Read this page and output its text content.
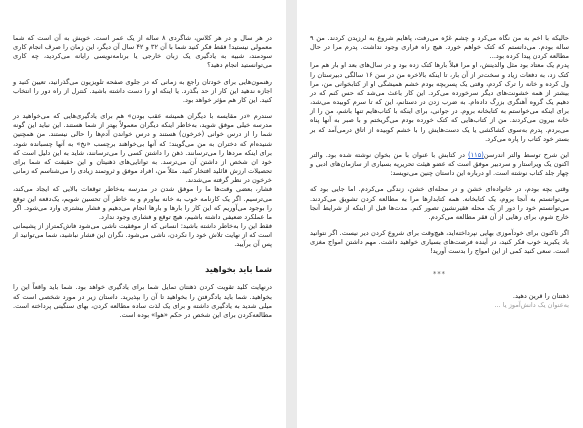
در هر سال و در هر کلاس، شاگردی ۸ ساله از یک عمر است. خویش به آن است که شما معمولی نیستید! فقط فکر کنید شما با آن ۳۲ و ۴۲ سال آن دیگر، این زمان را صرف انجام کاری سودمند، شبیه به یادگیری یک زبان خارجی یا برنامه‌نویسی رایانه می‌کردید، چه کاری می‌توانستید انجام دهید؟

رهنمون‌هایی برای خودتان راجع به زمانی که در جلوی صفحه تلویزیون می‌گذرانید، تعیین کنید و اجازه ندهید این کار از حد بگذرد. یا اینکه او را دست داشته باشید. کنترل از راه دور را انتخاب کنید. این کار هم مؤثر خواهد بود.

سندرم «در مقایسه با دیگران همیشه عقب بودن» هم برای یادگیری‌هایی که می‌خواهید در مدرسه خیلی موفق شوید، به‌خاطر اینکه دیگران معمولاً بهتر از شما هستند. این نباید این گونه شما را از درس خوانی (خرخون) هستند و درس خواندن آدم‌ها را حالی نیستند. من همچنین شنیده‌ام که دختران به من می‌گویند: که آنها بی‌خواهند ‌برچسب «نخ» به آنها چسبانده شود، برای اینکه مردها را می‌ترسانند. ذهن را داشتن کسی را می‌ترسانند، شاید به این دلیل است که خود ان شخص از داشتن آن می‌ترسد. به توانایی‌های ذهنیتان و این حقیقت که شما برای تحصیلات ارزش قائلید افتخار کنید. مثلاً من، افراد موفق و ثروتمند زیادی را می‌شناسم که زمانی خرخون در نظر گرفته می‌شدند.

فشار، بعضی وقت‌ها ما را موفق شدن در مدرسه به‌خاطر توقعات بالایی که ایجاد می‌کند، می‌ترسیم. اگر یک کارنامه خوب به خانه بیاورم و به خاطر آن تحسین شویم، یک‌دفعه این توقع را بوجود می‌آوریم که این کار را بارها و بارها انجام می‌دهیم و فشار بیشتری وارد می‌شود. اگر ما عملکرد ضعیفی داشته باشیم، هیچ توقع و فشاری وجود ندارد.

فقط این را به‌خاطر داشته باشید: انسانی که از موفقیت ناشی می‌شود فاش‌کمتراز از پشیمانی است که از نهایت تلاش خود را نکردن، ناشی می‌شود. نگران این فشار نباشید، شما می‌توانید از پس آن برآیید.

شما باید بخواهید

درنهایت کلید تقویت کردن ذهنتان تمایل شما برای یادگیری خواهد بود. شما باید واقعاً این را بخواهید. شما باید یادگرفتن را بخواهید تا آن را بپذیرید. داستان زیر در مورد شخصی است که میلی شدید به یادگیری داشته و برای یک لذت ساده مطالعه کردن، بهای سنگینی پرداخته است. مطالعه‌کردن برای این شخص در حکم «هوا» بوده است.

حالیکه با اخم به من نگاه می‌کرد و چشم غرّه می‌رفت، پاهایم شروع به لرزیدن کردند. من ۹ ساله بودم. می‌دانستم که کتک خواهم خورد. هیچ راه فراری وجود نداشت. پدرم مرا در حال مطالعه کردن پیدا کرده بود...

پدرم یک معتاد بود مثل والدینش، او مرا قبلاً بارها کتک زده بود و در سال‌های بعد او بار هم مرا کتک زد، به دفعات زیاد و سخت‌تر از آن بار، تا اینکه بالاخره من در سن ۱۶ سالگی دبیرستان را ول کرده و خانه را ترک کردم، وقتی یک پسربچه بودم خشم همیشگی او از کتابخوانی من، مرا بیشتر از همه خشونت‌های دیگر سرخورده می‌کرد. این کار باعث می‌شد که حس کنم که در دهیم یک گروه آهنگری بزرگ داده‌ام. به ضرب زدن در دستانم، این که تا سرم کوبیده می‌شد، برای اینکه می‌خواستم به کتابخانه بروم. در جوانی، برای اینکه با کتاب‌هایم تنها باشم، من را از خانه بیرون می‌کردند. من از کتاب‌هایی که کتک خورده بودم می‌گریختم و با صبر به آنها پناه می‌بردم. پدرم به‌سوی کشاکشی یا یک دست‌هایش را با خشم کوبیده از اتاق درمی‌آمد که بر بستر خود کتاب را پاره می‌کرد.

این شرح توسط والتر اندرسن(۱۱۵) در کتابش با عنوان با من بخوان نوشته شده بود. والتر اکنون یک ویراستار و سردبیر موفق است که عضو هیئت تحریریه بسیاری از سازمان‌های ادبی و چهار جلد کتاب نوشته است. او درباره این داستان چنین می‌نویسد:

وقتی بچه بودم، در خانواده‌ای خشن و در محله‌ای خشن، زندگی می‌کردم. اما جایی بود که می‌توانستم به آنجا بروم، یک کتابخانه. همه کتابدارها مرا به مطالعه کردن تشویق می‌کردند. می‌توانستم خود را دور از یک محله فقیرنشین تصور کنم. مدت‌ها قبل از اینکه از شرایط آنجا خارج شوم، برای رهایی از آن فقر مطالعه می‌کردم.

اگر تاکنون برای خودآموزی بهایی نپرداخته‌اید، هیچ‌وقت برای شروع کردن دیر نیست. اگر نتوانید باد یکبرید خوب فکر کنید، در آینده فرصت‌های بسیاری خواهید داشت. مهم داشتن امواج مغزی است. سعی کنید کمی از این امواج را بدست آورید!

***

ذهنتان را قرین دهید.

به‌عنوان یک دانش‌آموز یا ...
